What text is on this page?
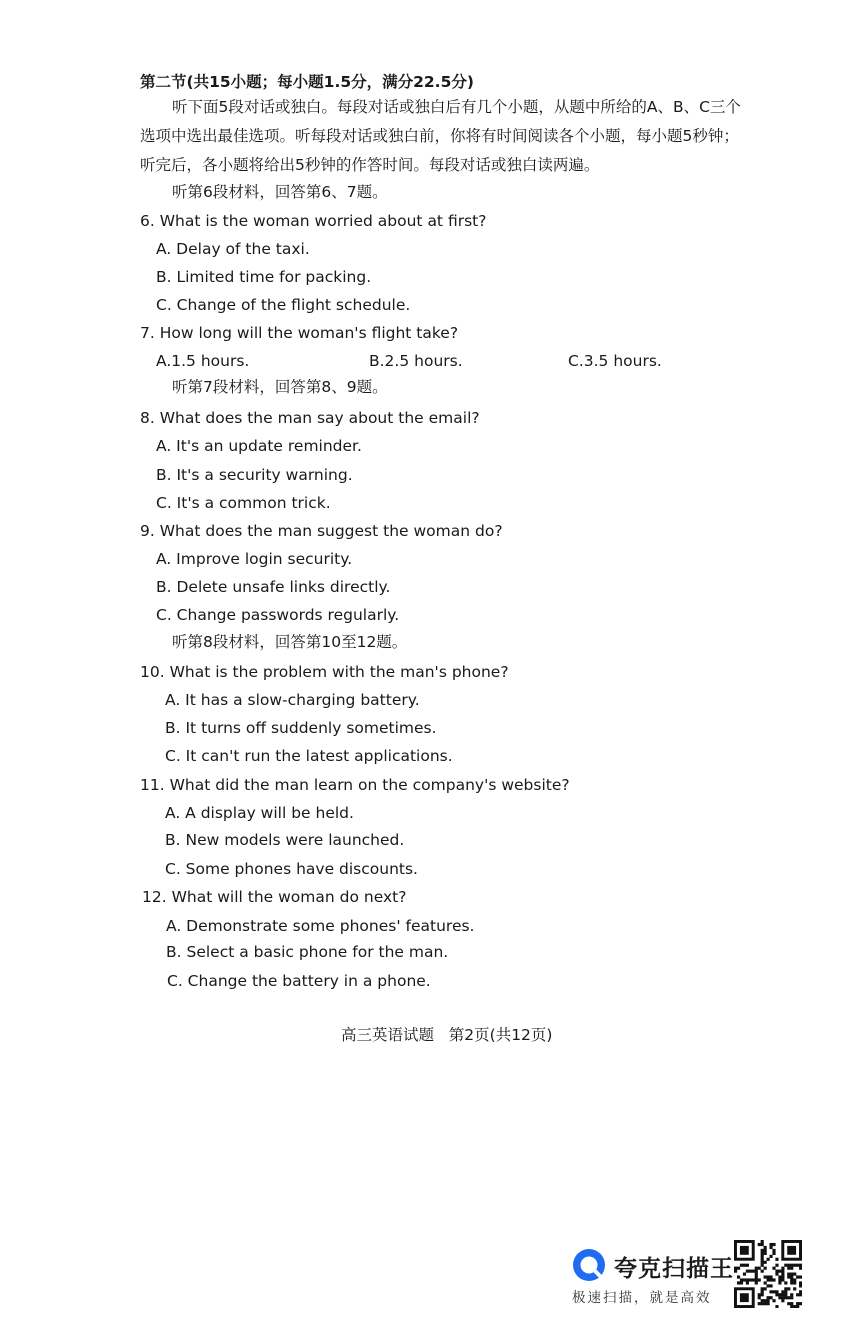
第二节(共15小题；每小题1.5分，满分22.5分)
听下面5段对话或独白。每段对话或独白后有几个小题，从题中所给的A、B、C三个
选项中选出最佳选项。听每段对话或独白前，你将有时间阅读各个小题，每小题5秒钟；
听完后，各小题将给出5秒钟的作答时间。每段对话或独白读两遍。
听第6段材料，回答第6、7题。
6. What is the woman worried about at first?
A. Delay of the taxi.
B. Limited time for packing.
C. Change of the flight schedule.
7. How long will the woman's flight take?
A.1.5 hours.	B.2.5 hours.	C.3.5 hours.
听第7段材料，回答第8、9题。
8. What does the man say about the email?
A. It's an update reminder.
B. It's a security warning.
C. It's a common trick.
9. What does the man suggest the woman do?
A. Improve login security.
B. Delete unsafe links directly.
C. Change passwords regularly.
听第8段材料，回答第10至12题。
10. What is the problem with the man's phone?
A. It has a slow-charging battery.
B. It turns off suddenly sometimes.
C. It can't run the latest applications.
11. What did the man learn on the company's website?
A. A display will be held.
B. New models were launched.
C. Some phones have discounts.
12. What will the woman do next?
A. Demonstrate some phones' features.
B. Select a basic phone for the man.
C. Change the battery in a phone.
高三英语试题   第2页(共12页)
夸克扫描王
极速扫描，就是高效
